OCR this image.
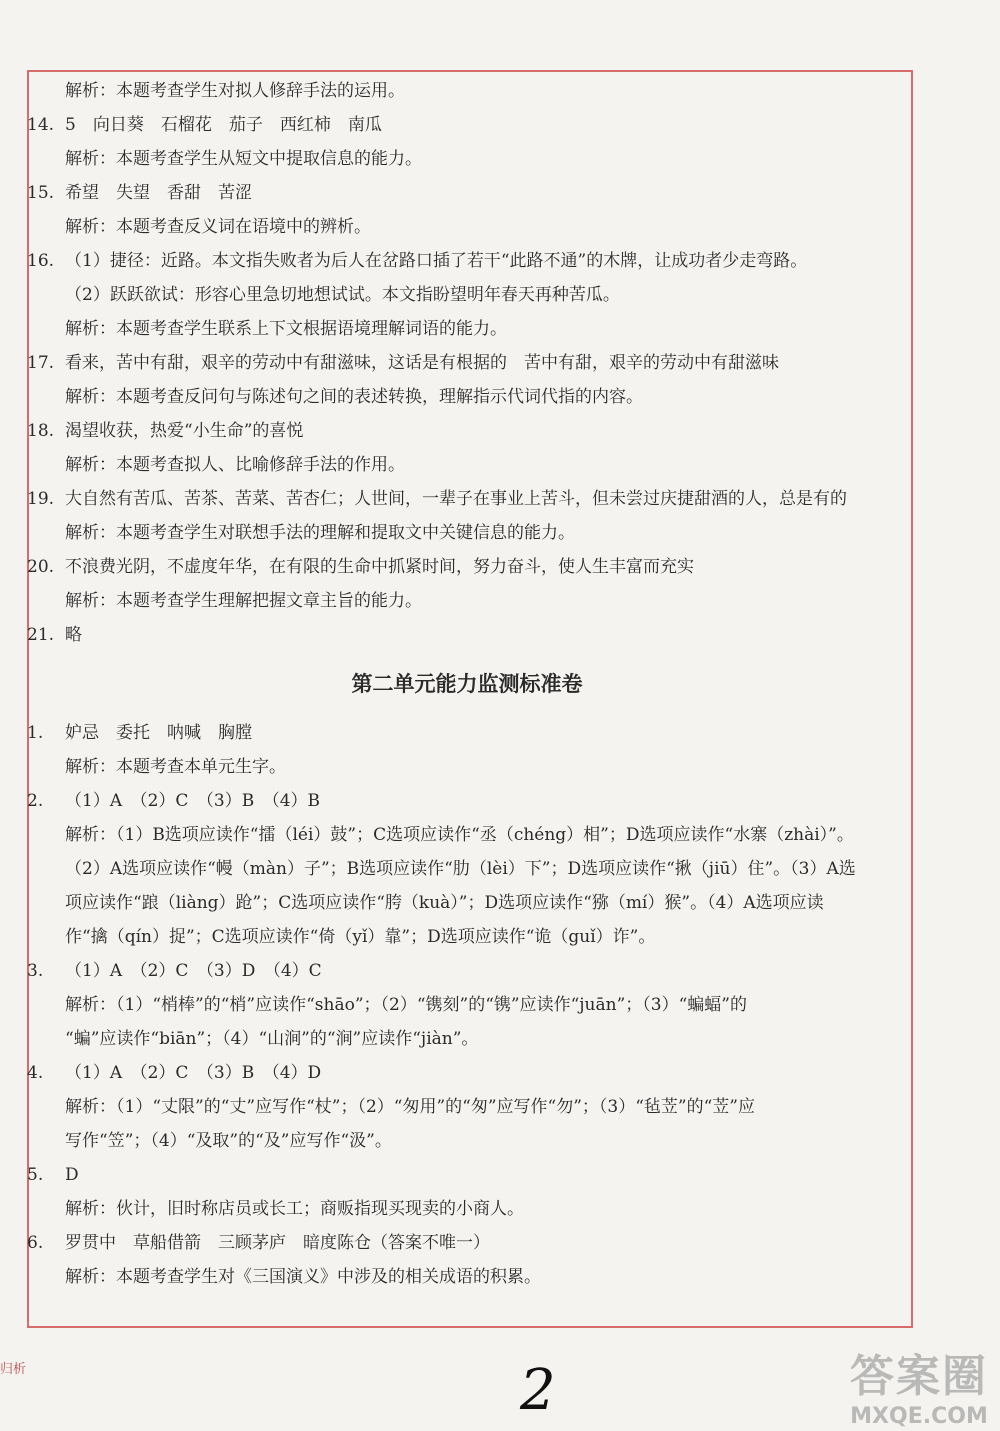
解析：本题考查学生对拟人修辞手法的运用。
14. 5　向日葵　石榴花　茄子　西红柿　南瓜
解析：本题考查学生从短文中提取信息的能力。
15. 希望　失望　香甜　苦涩
解析：本题考查反义词在语境中的辨析。
16. （1）捷径：近路。本文指失败者为后人在岔路口插了若干“此路不通”的木牌，让成功者少走弯路。
（2）跃跃欲试：形容心里急切地想试试。本文指盼望明年春天再种苦瓜。
解析：本题考查学生联系上下文根据语境理解词语的能力。
17. 看来，苦中有甜，艰辛的劳动中有甜滋味，这话是有根据的　苦中有甜，艰辛的劳动中有甜滋味
解析：本题考查反问句与陈述句之间的表述转换，理解指示代词代指的内容。
18. 渴望收获，热爱“小生命”的喜悦
解析：本题考查拟人、比喻修辞手法的作用。
19. 大自然有苦瓜、苦茶、苦菜、苦杏仁；人世间，一辈子在事业上苦斗，但未尝过庆捷甜酒的人，总是有的
解析：本题考查学生对联想手法的理解和提取文中关键信息的能力。
20. 不浪费光阴，不虚度年华，在有限的生命中抓紧时间，努力奋斗，使人生丰富而充实
解析：本题考查学生理解把握文章主旨的能力。
21. 略
第二单元能力监测标准卷
1. 妒忌　委托　呐喊　胸膛
解析：本题考查本单元生字。
2. （1）A　（2）C　（3）B　（4）B
解析：（1）B选项应读作“擂（léi）鼓”；C选项应读作“丞（chéng）相”；D选项应读作“水寨（zhài）”。
（2）A选项应读作“幔（màn）子”；B选项应读作“肋（lèi）下”；D选项应读作“揪（jiū）住”。（3）A选
项应读作“踉（liàng）跄”；C选项应读作“胯（kuà）”；D选项应读作“猕（mí）猴”。（4）A选项应读
作“擒（qín）捉”；C选项应读作“倚（yǐ）靠”；D选项应读作“诡（guǐ）诈”。
3. （1）A　（2）C　（3）D　（4）C
解析：（1）“梢棒”的“梢”应读作“shāo”；（2）“镌刻”的“镌”应读作“juān”；（3）“蝙蝠”的
“蝙”应读作“biān”；（4）“山涧”的“涧”应读作“jiàn”。
4. （1）A　（2）C　（3）B　（4）D
解析：（1）“丈限”的“丈”应写作“杖”；（2）“匆用”的“匆”应写作“勿”；（3）“毡苙”的“苙”应
写作“笠”；（4）“及取”的“及”应写作“汲”。
5. D
解析：伙计，旧时称店员或长工；商贩指现买现卖的小商人。
6. 罗贯中　草船借箭　三顾茅庐　暗度陈仓（答案不唯一）
解析：本题考查学生对《三国演义》中涉及的相关成语的积累。
归析	2	答案圈
MXQE.COM
